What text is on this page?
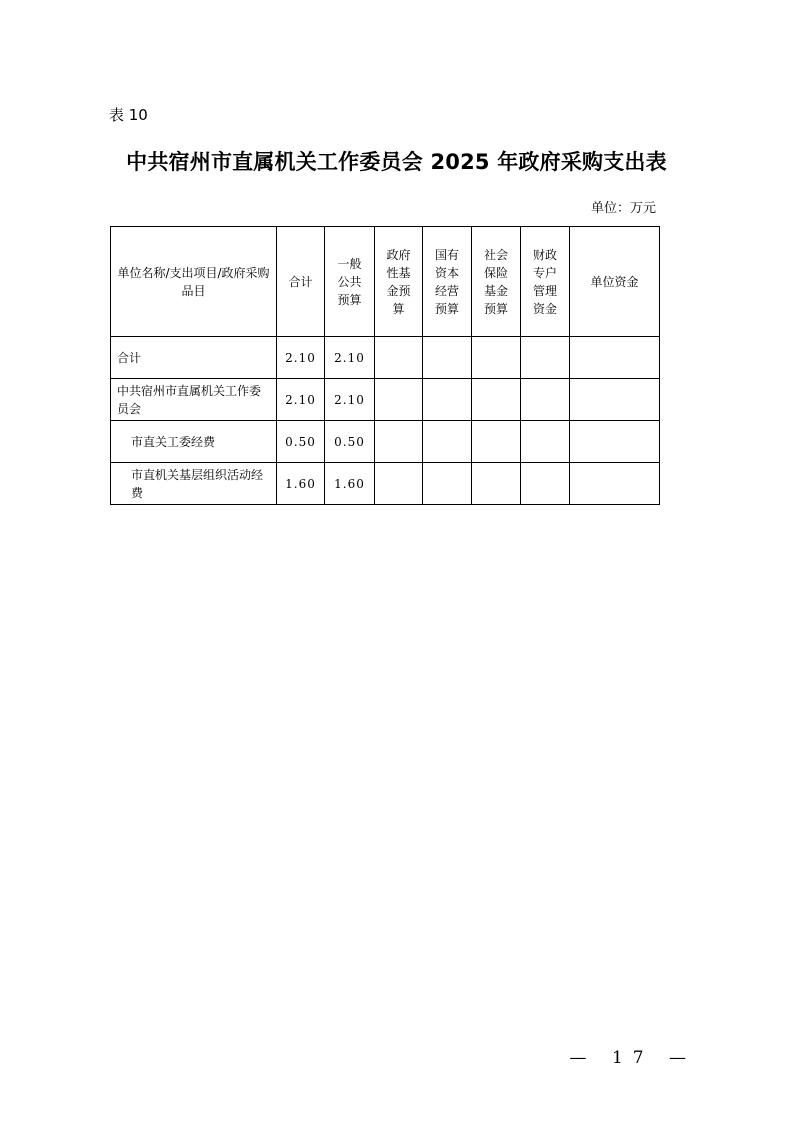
表 10
中共宿州市直属机关工作委员会 2025 年政府采购支出表
单位：万元
单位名称/支出项目/政府采购品目	合计	一般公共预算	政府性基金预算	国有资本经营预算	社会保险基金预算	财政专户管理资金	单位资金
合计	2.10	2.10					
中共宿州市直属机关工作委员会	2.10	2.10					
市直关工委经费	0.50	0.50					
市直机关基层组织活动经费	1.60	1.60					
— 17 —
